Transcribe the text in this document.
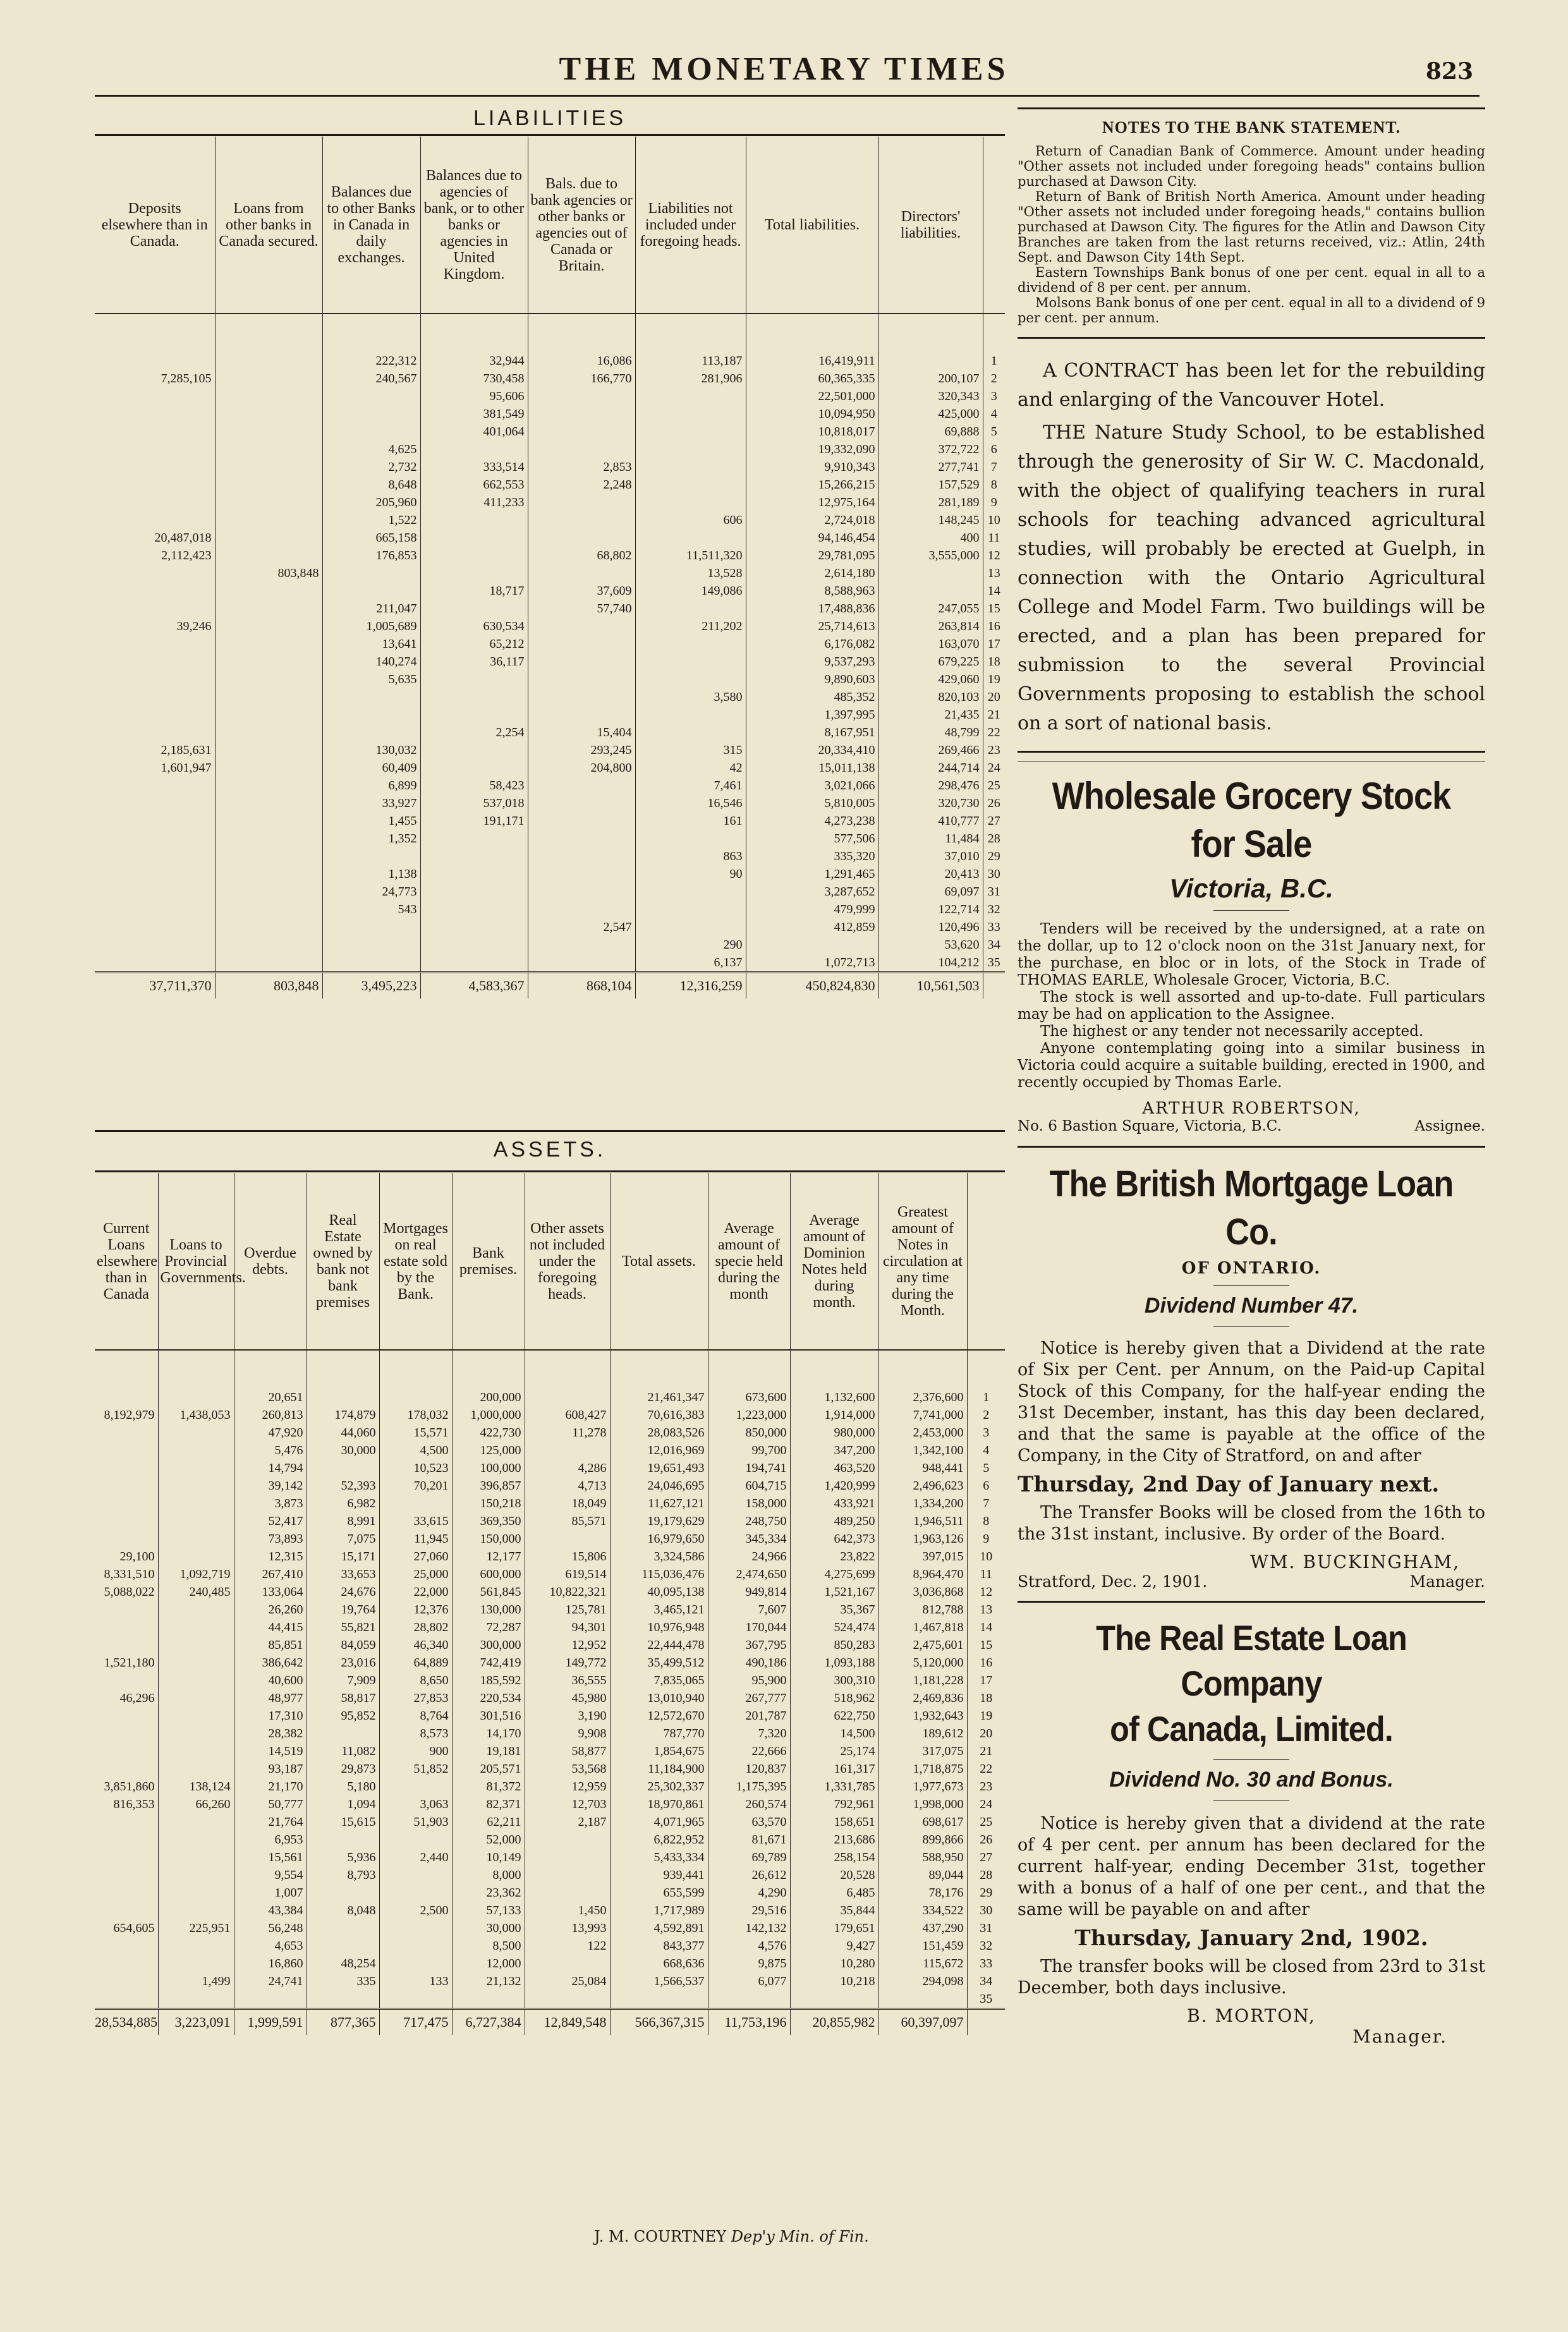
THE MONETARY TIMES	823
LIABILITIES
Deposits elsewhere than in Canada.	Loans from other banks in Canada secured.	Balances due to other Banks in Canada in daily exchanges.	Balances due to agencies of bank, or to other banks or agencies in United Kingdom.	Bals. due to bank agencies or other banks or agencies out of Canada or Britain.	Liabilities not included under foregoing heads.	Total liabilities.	Directors' liabilities.	

		222,312	32,944	16,086	113,187	16,419,911		1
7,285,105		240,567	730,458	166,770	281,906	60,365,335	200,107	2
			95,606			22,501,000	320,343	3
			381,549			10,094,950	425,000	4
			401,064			10,818,017	69,888	5
		4,625				19,332,090	372,722	6
		2,732	333,514	2,853		9,910,343	277,741	7
		8,648	662,553	2,248		15,266,215	157,529	8
		205,960	411,233			12,975,164	281,189	9
		1,522			606	2,724,018	148,245	10
20,487,018		665,158				94,146,454	400	11
2,112,423		176,853		68,802	11,511,320	29,781,095	3,555,000	12
	803,848				13,528	2,614,180		13
			18,717	37,609	149,086	8,588,963		14
		211,047		57,740		17,488,836	247,055	15
39,246		1,005,689	630,534		211,202	25,714,613	263,814	16
		13,641	65,212			6,176,082	163,070	17
		140,274	36,117			9,537,293	679,225	18
		5,635				9,890,603	429,060	19
					3,580	485,352	820,103	20
						1,397,995	21,435	21
			2,254	15,404		8,167,951	48,799	22
2,185,631		130,032		293,245	315	20,334,410	269,466	23
1,601,947		60,409		204,800	42	15,011,138	244,714	24
		6,899	58,423		7,461	3,021,066	298,476	25
		33,927	537,018		16,546	5,810,005	320,730	26
		1,455	191,171		161	4,273,238	410,777	27
		1,352				577,506	11,484	28
					863	335,320	37,010	29
		1,138			90	1,291,465	20,413	30
		24,773				3,287,652	69,097	31
		543				479,999	122,714	32
				2,547		412,859	120,496	33
					290		53,620	34
					6,137	1,072,713	104,212	35
37,711,370	803,848	3,495,223	4,583,367	868,104	12,316,259	450,824,830	10,561,503	
ASSETS.
Current Loans elsewhere than in Canada	Loans to Provincial Governments.	Overdue debts.	Real Estate owned by bank not bank premises	Mortgages on real estate sold by the Bank.	Bank premises.	Other assets not included under the foregoing heads.	Total assets.	Average amount of specie held during the month	Average amount of Dominion Notes held during month.	Greatest amount of Notes in circulation at any time during the Month.	

		20,651			200,000		21,461,347	673,600	1,132,600	2,376,600	1
8,192,979	1,438,053	260,813	174,879	178,032	1,000,000	608,427	70,616,383	1,223,000	1,914,000	7,741,000	2
		47,920	44,060	15,571	422,730	11,278	28,083,526	850,000	980,000	2,453,000	3
		5,476	30,000	4,500	125,000		12,016,969	99,700	347,200	1,342,100	4
		14,794		10,523	100,000	4,286	19,651,493	194,741	463,520	948,441	5
		39,142	52,393	70,201	396,857	4,713	24,046,695	604,715	1,420,999	2,496,623	6
		3,873	6,982		150,218	18,049	11,627,121	158,000	433,921	1,334,200	7
		52,417	8,991	33,615	369,350	85,571	19,179,629	248,750	489,250	1,946,511	8
		73,893	7,075	11,945	150,000		16,979,650	345,334	642,373	1,963,126	9
29,100		12,315	15,171	27,060	12,177	15,806	3,324,586	24,966	23,822	397,015	10
8,331,510	1,092,719	267,410	33,653	25,000	600,000	619,514	115,036,476	2,474,650	4,275,699	8,964,470	11
5,088,022	240,485	133,064	24,676	22,000	561,845	10,822,321	40,095,138	949,814	1,521,167	3,036,868	12
		26,260	19,764	12,376	130,000	125,781	3,465,121	7,607	35,367	812,788	13
		44,415	55,821	28,802	72,287	94,301	10,976,948	170,044	524,474	1,467,818	14
		85,851	84,059	46,340	300,000	12,952	22,444,478	367,795	850,283	2,475,601	15
1,521,180		386,642	23,016	64,889	742,419	149,772	35,499,512	490,186	1,093,188	5,120,000	16
		40,600	7,909	8,650	185,592	36,555	7,835,065	95,900	300,310	1,181,228	17
46,296		48,977	58,817	27,853	220,534	45,980	13,010,940	267,777	518,962	2,469,836	18
		17,310	95,852	8,764	301,516	3,190	12,572,670	201,787	622,750	1,932,643	19
		28,382		8,573	14,170	9,908	787,770	7,320	14,500	189,612	20
		14,519	11,082	900	19,181	58,877	1,854,675	22,666	25,174	317,075	21
		93,187	29,873	51,852	205,571	53,568	11,184,900	120,837	161,317	1,718,875	22
3,851,860	138,124	21,170	5,180		81,372	12,959	25,302,337	1,175,395	1,331,785	1,977,673	23
816,353	66,260	50,777	1,094	3,063	82,371	12,703	18,970,861	260,574	792,961	1,998,000	24
		21,764	15,615	51,903	62,211	2,187	4,071,965	63,570	158,651	698,617	25
		6,953			52,000		6,822,952	81,671	213,686	899,866	26
		15,561	5,936	2,440	10,149		5,433,334	69,789	258,154	588,950	27
		9,554	8,793		8,000		939,441	26,612	20,528	89,044	28
		1,007			23,362		655,599	4,290	6,485	78,176	29
		43,384	8,048	2,500	57,133	1,450	1,717,989	29,516	35,844	334,522	30
654,605	225,951	56,248			30,000	13,993	4,592,891	142,132	179,651	437,290	31
		4,653			8,500	122	843,377	4,576	9,427	151,459	32
		16,860	48,254		12,000		668,636	9,875	10,280	115,672	33
	1,499	24,741	335	133	21,132	25,084	1,566,537	6,077	10,218	294,098	34
											35
28,534,885	3,223,091	1,999,591	877,365	717,475	6,727,384	12,849,548	566,367,315	11,753,196	20,855,982	60,397,097	
NOTES TO THE BANK STATEMENT.

Return of Canadian Bank of Commerce. Amount under heading "Other assets not included under foregoing heads" contains bullion purchased at Dawson City.

Return of Bank of British North America. Amount under heading "Other assets not included under foregoing heads," contains bullion purchased at Dawson City. The figures for the Atlin and Dawson City Branches are taken from the last returns received, viz.: Atlin, 24th Sept. and Dawson City 14th Sept.

Eastern Townships Bank bonus of one per cent. equal in all to a dividend of 8 per cent. per annum.

Molsons Bank bonus of one per cent. equal in all to a dividend of 9 per cent. per annum.

A CONTRACT has been let for the rebuilding and enlarging of the Vancouver Hotel.

THE Nature Study School, to be established through the generosity of Sir W. C. Macdonald, with the object of qualifying teachers in rural schools for teaching advanced agricultural studies, will probably be erected at Guelph, in connection with the Ontario Agricultural College and Model Farm. Two buildings will be erected, and a plan has been prepared for submission to the several Provincial Governments proposing to establish the school on a sort of national basis.

Wholesale Grocery Stock for Sale

Victoria, B.C.

Tenders will be received by the undersigned, at a rate on the dollar, up to 12 o'clock noon on the 31st January next, for the purchase, en bloc or in lots, of the Stock in Trade of THOMAS EARLE, Wholesale Grocer, Victoria, B.C.

The stock is well assorted and up-to-date. Full particulars may be had on application to the Assignee.

The highest or any tender not necessarily accepted.

Anyone contemplating going into a similar business in Victoria could acquire a suitable building, erected in 1900, and recently occupied by Thomas Earle.

ARTHUR ROBERTSON,
No. 6 Bastion Square, Victoria, B.C.	Assignee.

The British Mortgage Loan Co.

OF ONTARIO.

Dividend Number 47.

Notice is hereby given that a Dividend at the rate of Six per Cent. per Annum, on the Paid-up Capital Stock of this Company, for the half-year ending the 31st December, instant, has this day been declared, and that the same is payable at the office of the Company, in the City of Stratford, on and after

Thursday, 2nd Day of January next.

The Transfer Books will be closed from the 16th to the 31st instant, inclusive. By order of the Board.

WM. BUCKINGHAM,
Stratford, Dec. 2, 1901.	Manager.

The Real Estate Loan Company

of Canada, Limited.

Dividend No. 30 and Bonus.

Notice is hereby given that a dividend at the rate of 4 per cent. per annum has been declared for the current half-year, ending December 31st, together with a bonus of a half of one per cent., and that the same will be payable on and after

Thursday, January 2nd, 1902.

The transfer books will be closed from 23rd to 31st December, both days inclusive.

B. MORTON,
Manager.
J. M. COURTNEY Dep'y Min. of Fin.
